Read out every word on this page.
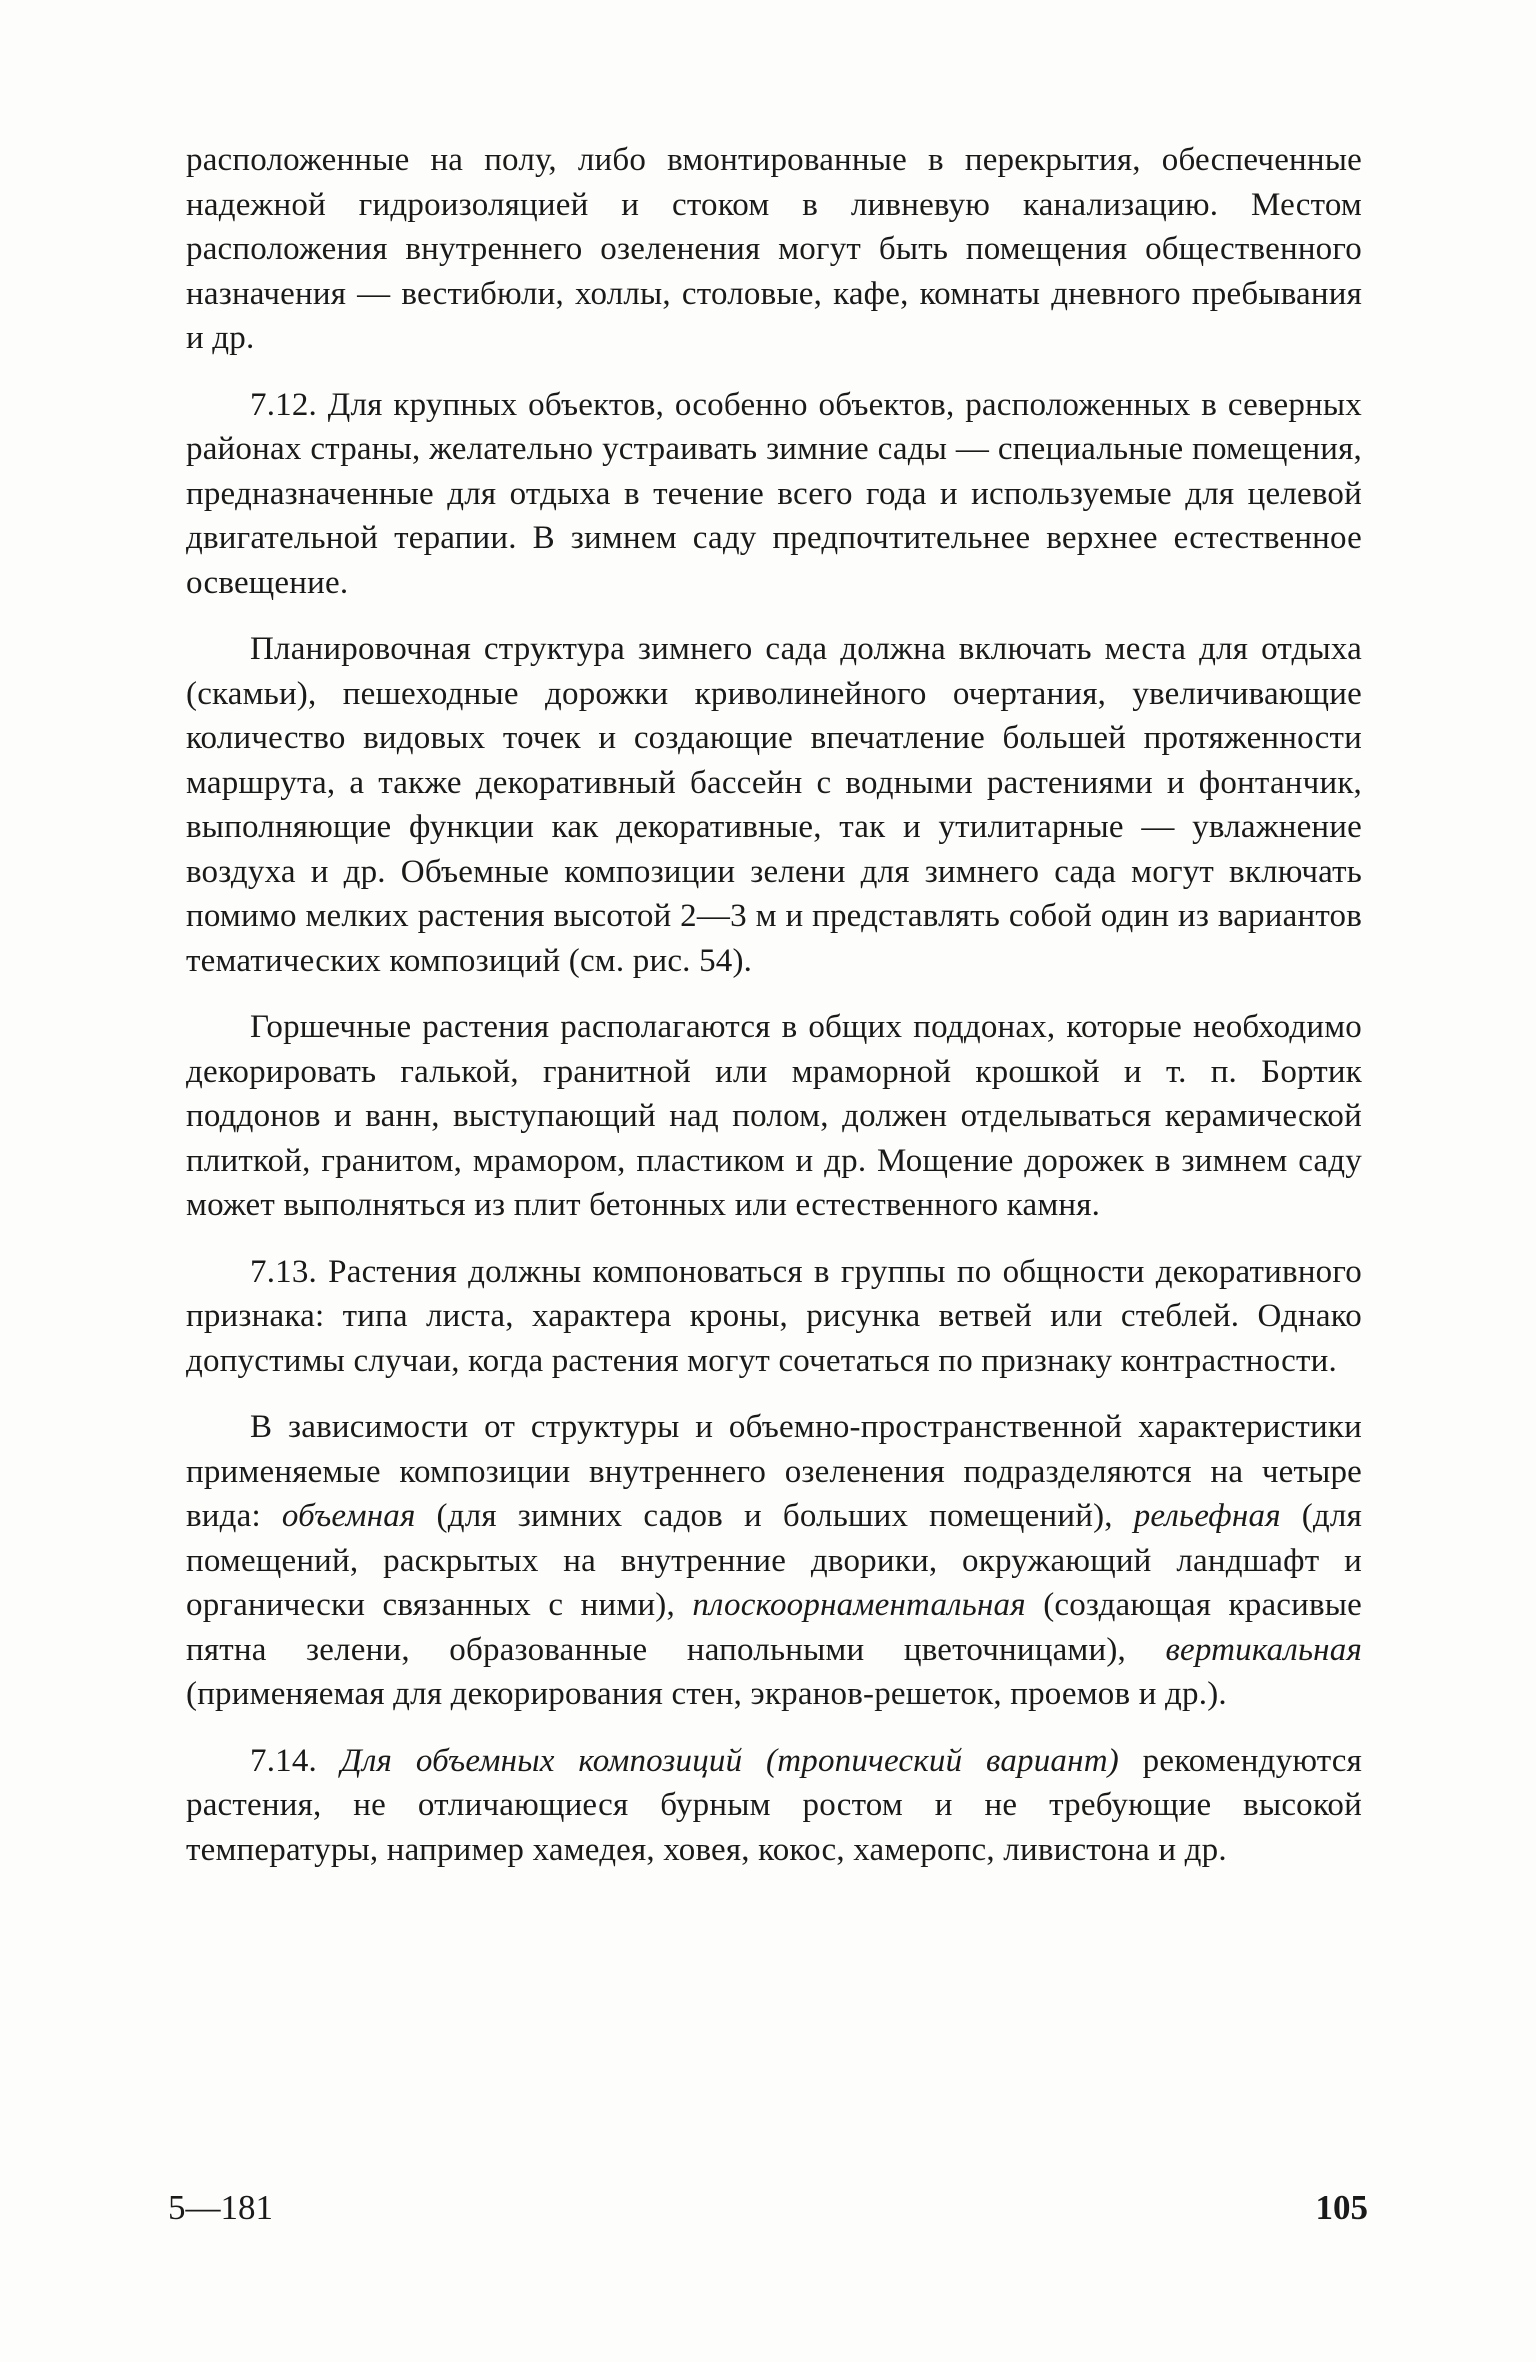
расположенные на полу, либо вмонтированные в перекрытия, обеспеченные надежной гидроизоляцией и стоком в ливневую канализацию. Местом расположения внутреннего озеленения могут быть помещения общественного назначения — вестибюли, холлы, столовые, кафе, комнаты дневного пребывания и др.

7.12. Для крупных объектов, особенно объектов, расположенных в северных районах страны, желательно устраивать зимние сады — специальные помещения, предназначенные для отдыха в течение всего года и используемые для целевой двигательной терапии. В зимнем саду предпочтительнее верхнее естественное освещение.

Планировочная структура зимнего сада должна включать места для отдыха (скамьи), пешеходные дорожки криволинейного очертания, увеличивающие количество видовых точек и создающие впечатление большей протяженности маршрута, а также декоративный бассейн с водными растениями и фонтанчик, выполняющие функции как декоративные, так и утилитарные — увлажнение воздуха и др. Объемные композиции зелени для зимнего сада могут включать помимо мелких растения высотой 2—3 м и представлять собой один из вариантов тематических композиций (см. рис. 54).

Горшечные растения располагаются в общих поддонах, которые необходимо декорировать галькой, гранитной или мраморной крошкой и т. п. Бортик поддонов и ванн, выступающий над полом, должен отделываться керамической плиткой, гранитом, мрамором, пластиком и др. Мощение дорожек в зимнем саду может выполняться из плит бетонных или естественного камня.

7.13. Растения должны компоноваться в группы по общности декоративного признака: типа листа, характера кроны, рисунка ветвей или стеблей. Однако допустимы случаи, когда растения могут сочетаться по признаку контрастности.

В зависимости от структуры и объемно-пространственной характеристики применяемые композиции внутреннего озеленения подразделяются на четыре вида: объемная (для зимних садов и больших помещений), рельефная (для помещений, раскрытых на внутренние дворики, окружающий ландшафт и органически связанных с ними), плоскоорнаментальная (создающая красивые пятна зелени, образованные напольными цветочницами), вертикальная (применяемая для декорирования стен, экранов-решеток, проемов и др.).

7.14. Для объемных композиций (тропический вариант) рекомендуются растения, не отличающиеся бурным ростом и не требующие высокой температуры, например хамедея, ховея, кокос, хамеропс, ливистона и др.

5—181	105
